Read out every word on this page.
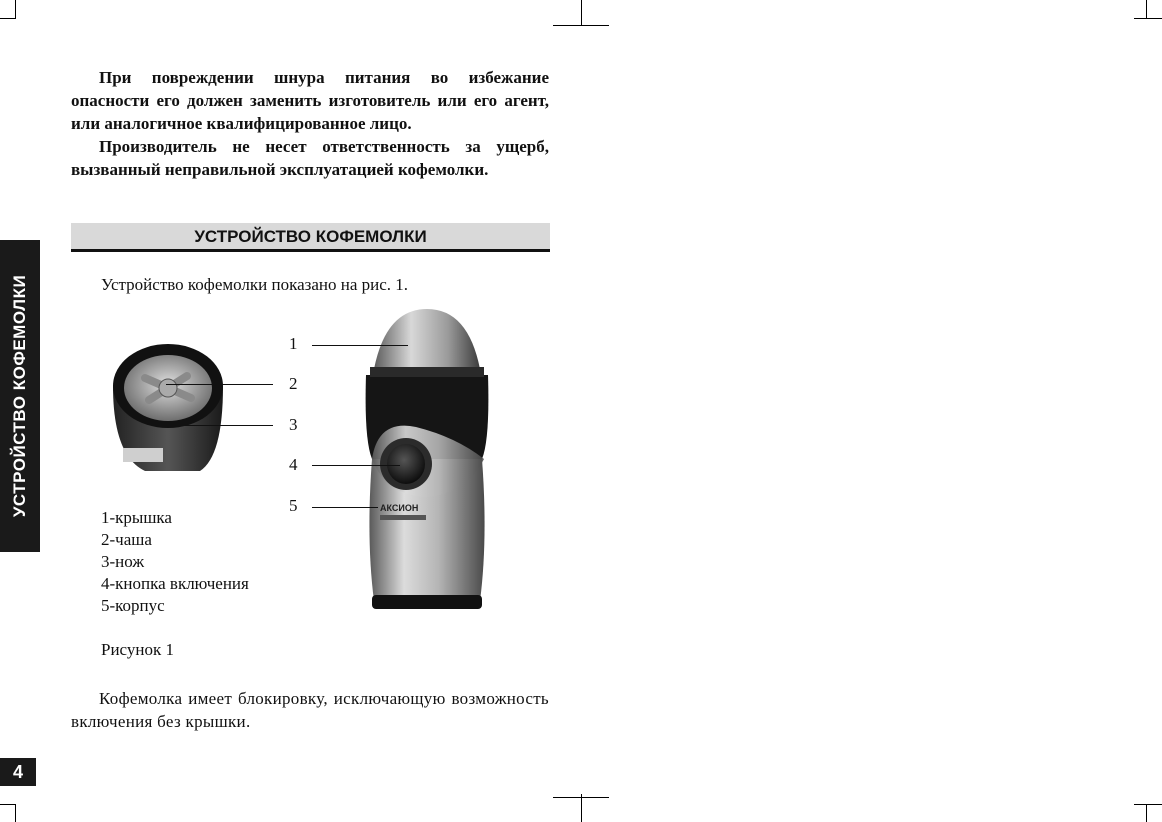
УСТРОЙСТВО КОФЕМОЛКИ
При повреждении шнура питания во избежание опасности его должен заменить изготовитель или его агент, или аналогичное квалифицированное лицо.
Производитель не несет ответственность за ущерб, вызванный неправильной эксплуатацией кофемолки.
УСТРОЙСТВО КОФЕМОЛКИ
Устройство кофемолки показано на рис. 1.
АКСИОН
1
2
3
4
5
1-крышка
2-чаша
3-нож
4-кнопка включения
5-корпус
Рисунок 1
Кофемолка имеет блокировку, исключающую возможность включения без крышки.
4
